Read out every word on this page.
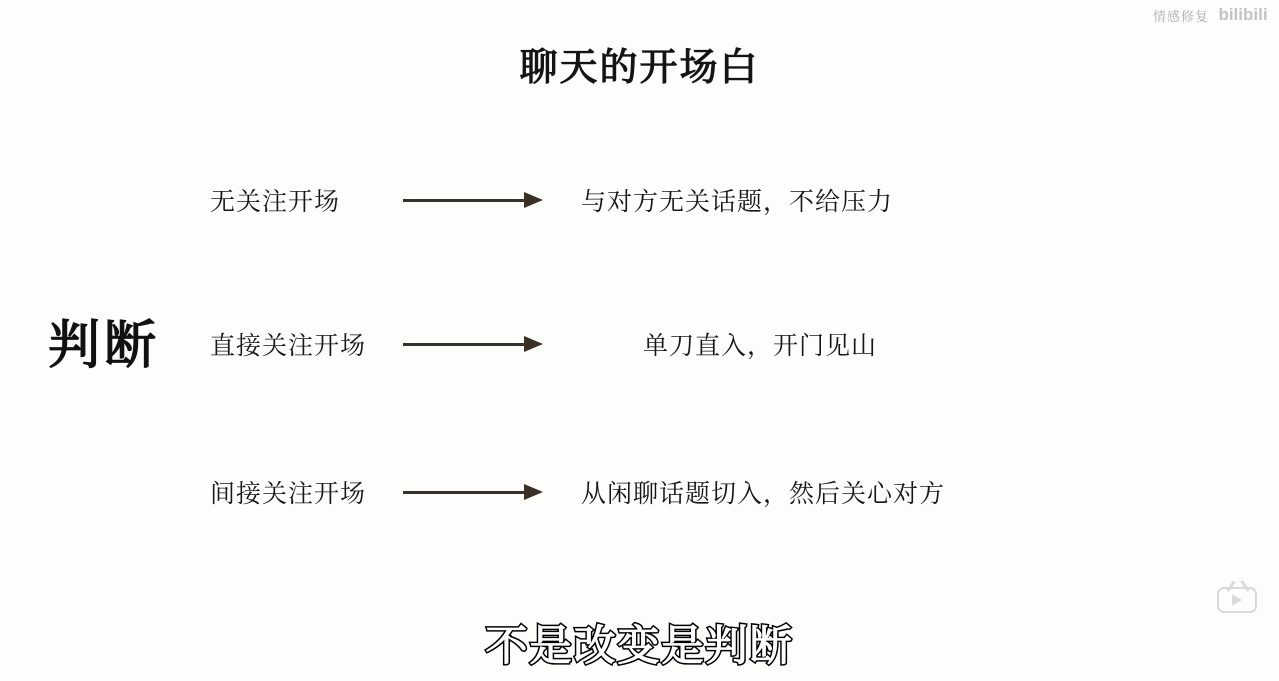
聊天的开场白
判断
无关注开场	与对方无关话题，不给压力
直接关注开场	单刀直入，开门见山
间接关注开场	从闲聊话题切入，然后关心对方
不是改变是判断
情感修复 bilibili
